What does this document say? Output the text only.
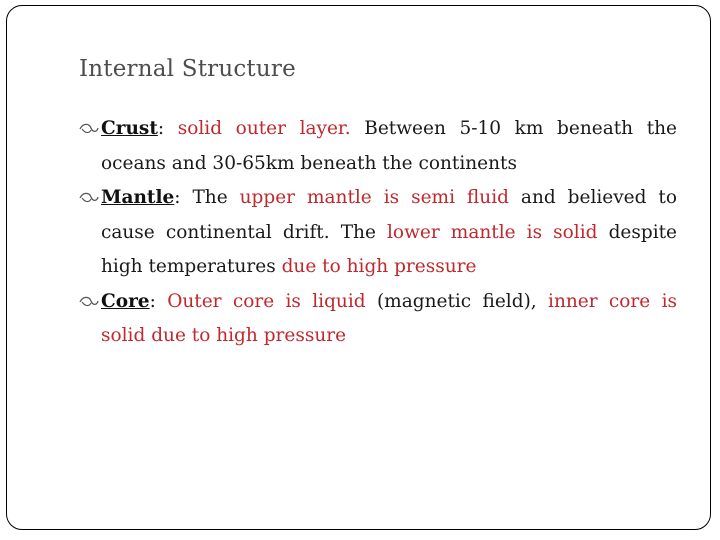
Internal Structure
Crust: solid outer layer. Between 5-10 km beneath the oceans and 30-65km beneath the continents
Mantle: The upper mantle is semi fluid and believed to cause continental drift. The lower mantle is solid despite high temperatures due to high pressure
Core: Outer core is liquid (magnetic field), inner core is solid due to high pressure
